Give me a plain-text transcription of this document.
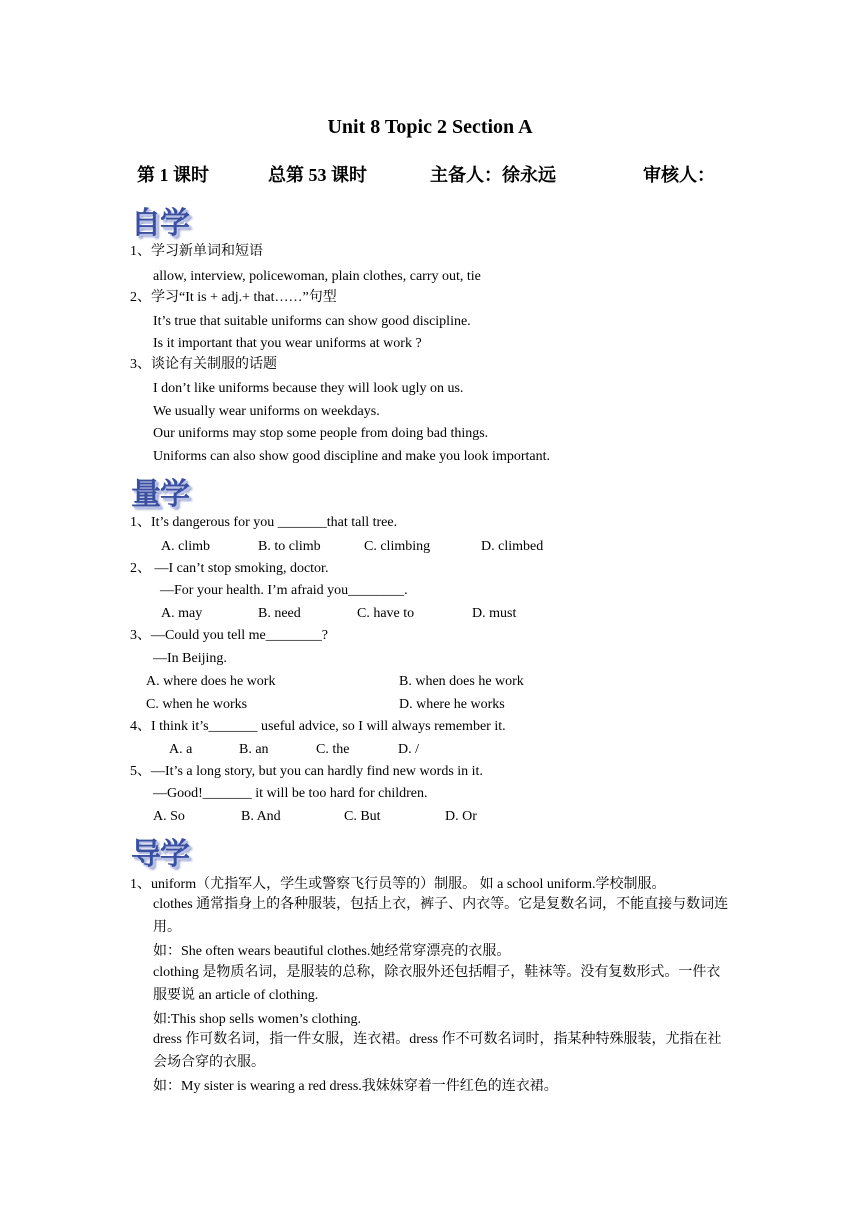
Unit 8 Topic 2 Section A
第 1 课时	总第 53 课时	主备人：徐永远	审核人：
自学
1、学习新单词和短语
allow, interview, policewoman, plain clothes, carry out, tie
2、学习“It is + adj.+ that……”句型
It’s true that suitable uniforms can show good discipline.
Is it important that you wear uniforms at work ?
3、谈论有关制服的话题
I don’t like uniforms because they will look ugly on us.
We usually wear uniforms on weekdays.
Our uniforms may stop some people from doing bad things.
Uniforms can also show good discipline and make you look important.
量学
1、It’s dangerous for you _______that tall tree.
A. climb	B. to climb	C. climbing	D. climbed
2、 —I can’t stop smoking, doctor.
—For your health. I’m afraid you________.
A. may	B. need	C. have to	D. must
3、—Could you tell me________?
—In Beijing.
A. where does he work	B. when does he work
C. when he works	D. where he works
4、I think it’s_______ useful advice, so I will always remember it.
A. a	B. an	C. the	D. /
5、—It’s a long story, but you can hardly find new words in it.
—Good!_______ it will be too hard for children.
A. So	B. And	C. But	D. Or
导学
1、uniform（尤指军人，学生或警察飞行员等的）制服。 如 a school uniform.学校制服。
clothes 通常指身上的各种服装，包括上衣，裤子、内衣等。它是复数名词，不能直接与数词连用。
如：She often wears beautiful clothes.她经常穿漂亮的衣服。
clothing 是物质名词，是服装的总称，除衣服外还包括帽子，鞋袜等。没有复数形式。一件衣服要说 an article of clothing.
如:This shop sells women’s clothing.
dress 作可数名词，指一件女服，连衣裙。dress 作不可数名词时，指某种特殊服装，尤指在社会场合穿的衣服。
如：My sister is wearing a red dress.我妹妹穿着一件红色的连衣裙。
